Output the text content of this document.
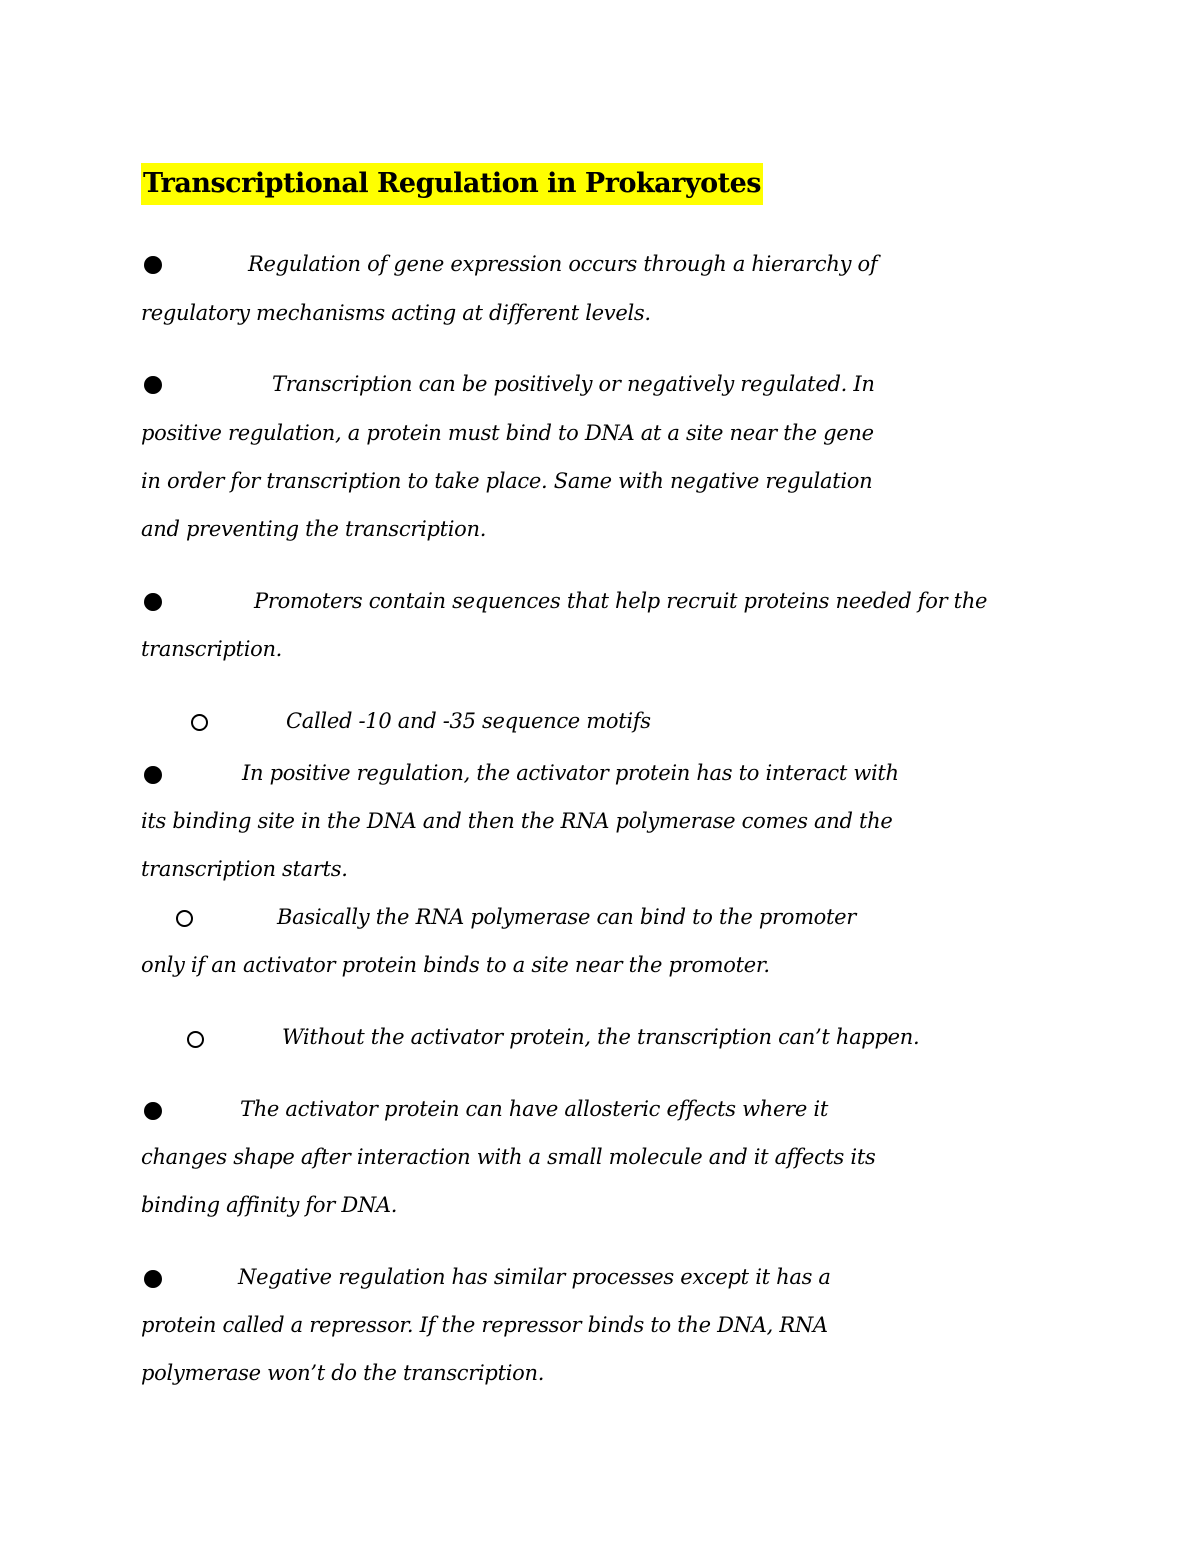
Transcriptional Regulation in Prokaryotes
Regulation of gene expression occurs through a hierarchy of
regulatory mechanisms acting at different levels.
Transcription can be positively or negatively regulated. In
positive regulation, a protein must bind to DNA at a site near the gene
in order for transcription to take place. Same with negative regulation
and preventing the transcription.
Promoters contain sequences that help recruit proteins needed for the
transcription.
Called -10 and -35 sequence motifs
In positive regulation, the activator protein has to interact with
its binding site in the DNA and then the RNA polymerase comes and the
transcription starts.
Basically the RNA polymerase can bind to the promoter
only if an activator protein binds to a site near the promoter.
Without the activator protein, the transcription can’t happen.
The activator protein can have allosteric effects where it
changes shape after interaction with a small molecule and it affects its
binding affinity for DNA.
Negative regulation has similar processes except it has a
protein called a repressor. If the repressor binds to the DNA, RNA
polymerase won’t do the transcription.
